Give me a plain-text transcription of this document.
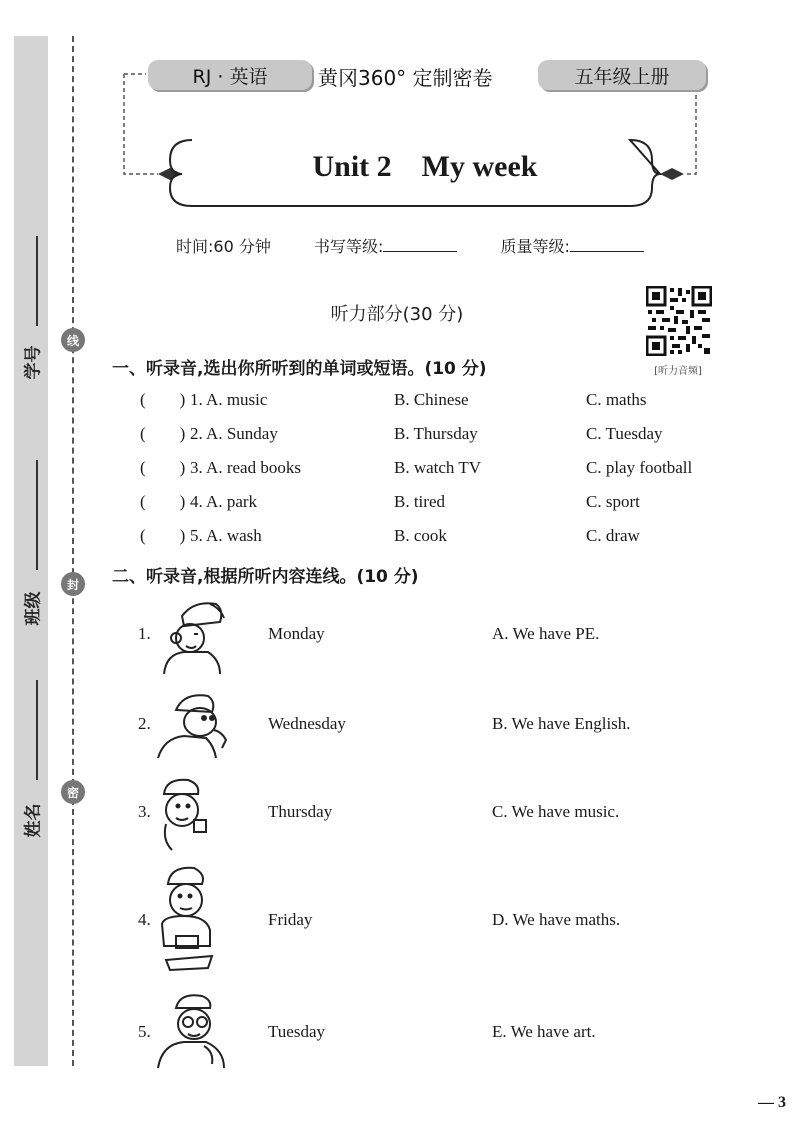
学号
班级
姓名
线
封
密
RJ · 英语	黄冈360° 定制密卷	五年级上册
Unit 2    My week
时间:60 分钟	书写等级:	质量等级:
听力部分(30 分)
[听力音频]
一、听录音,选出你所听到的单词或短语。(10 分)
(        ) 1. A. music	B. Chinese	C. maths
(        ) 2. A. Sunday	B. Thursday	C. Tuesday
(        ) 3. A. read books	B. watch TV	C. play football
(        ) 4. A. park	B. tired	C. sport
(        ) 5. A. wash	B. cook	C. draw
二、听录音,根据所听内容连线。(10 分)
1.	Monday	A. We have PE.
2.	Wednesday	B. We have English.
3.	Thursday	C. We have music.
4.	Friday	D. We have maths.
5.	Tuesday	E. We have art.
— 3
